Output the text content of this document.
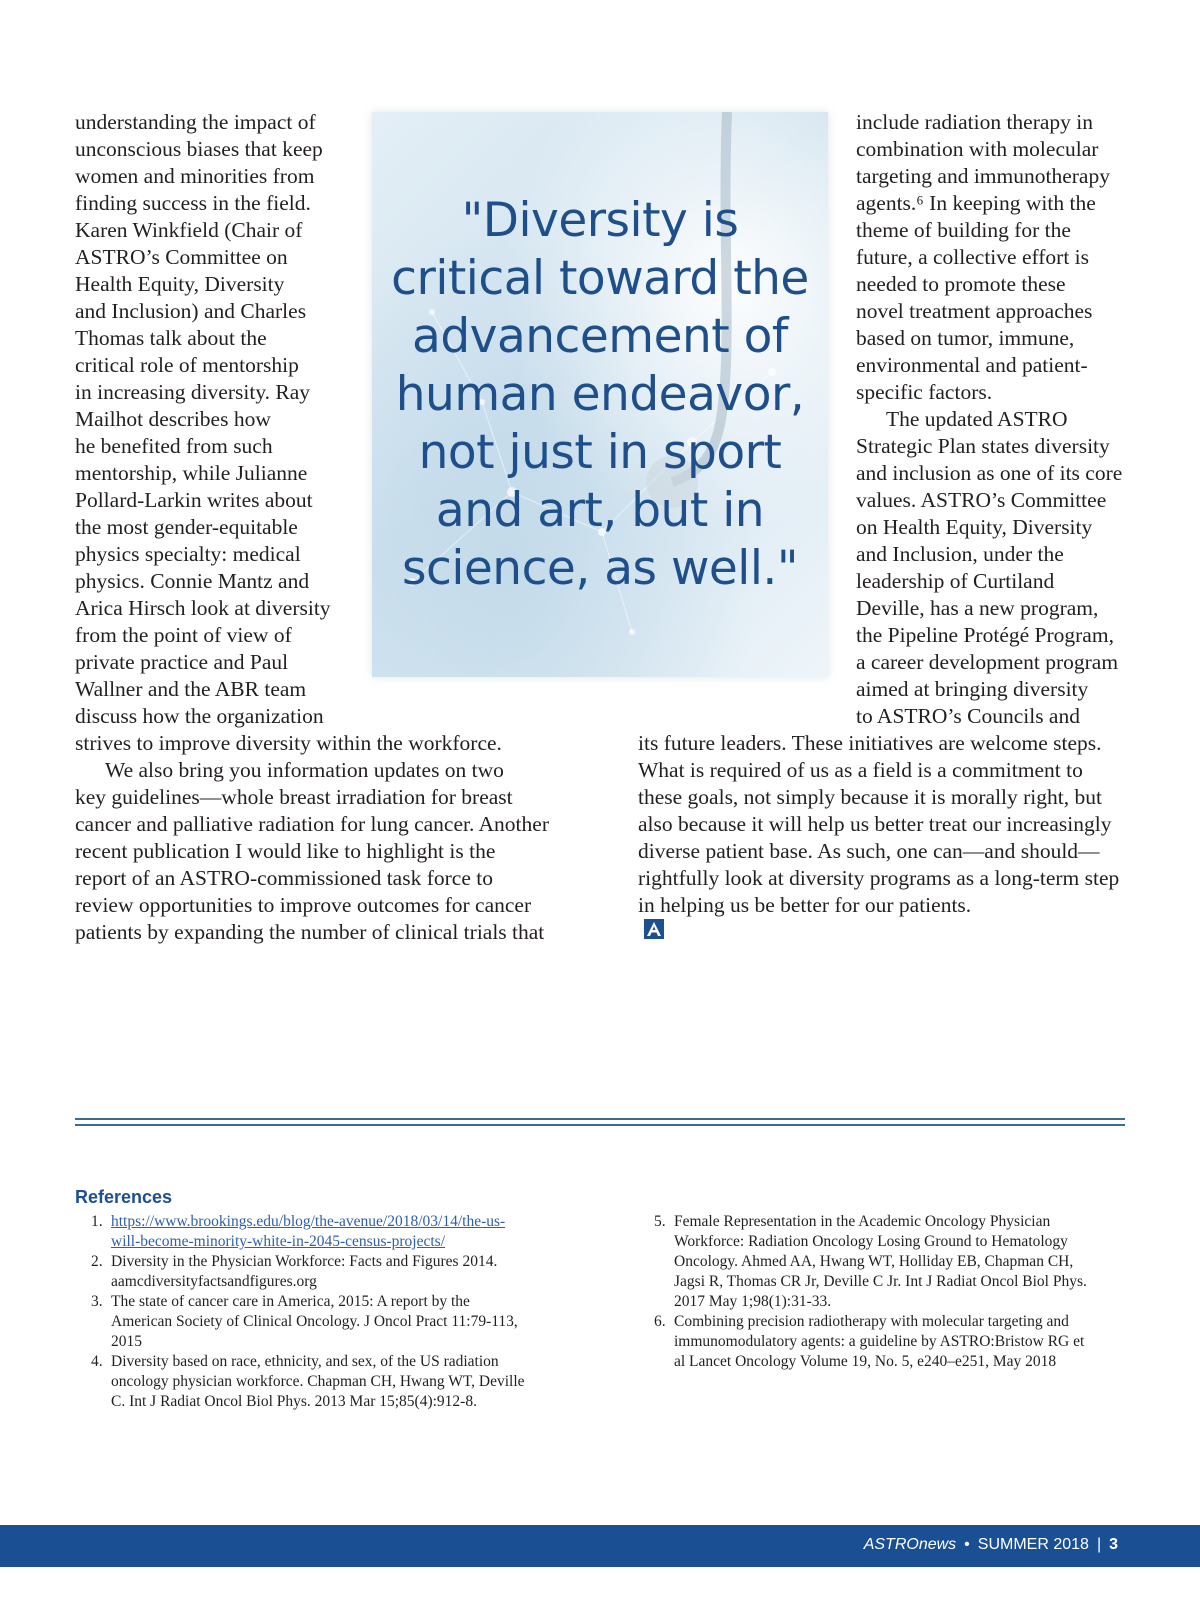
understanding the impact of
unconscious biases that keep
women and minorities from
finding success in the field.
Karen Winkfield (Chair of
ASTRO’s Committee on
Health Equity, Diversity
and Inclusion) and Charles
Thomas talk about the
critical role of mentorship
in increasing diversity. Ray
Mailhot describes how
he benefited from such
mentorship, while Julianne
Pollard-Larkin writes about
the most gender-equitable
physics specialty: medical
physics. Connie Mantz and
Arica Hirsch look at diversity
from the point of view of
private practice and Paul
Wallner and the ABR team
discuss how the organization
strives to improve diversity within the workforce.
We also bring you information updates on two
key guidelines—whole breast irradiation for breast
cancer and palliative radiation for lung cancer. Another
recent publication I would like to highlight is the
report of an ASTRO-commissioned task force to
review opportunities to improve outcomes for cancer
patients by expanding the number of clinical trials that
"Diversity is
critical toward the
advancement of
human endeavor,
not just in sport
and art, but in
science, as well."
include radiation therapy in
combination with molecular
targeting and immunotherapy
agents.⁶ In keeping with the
theme of building for the
future, a collective effort is
needed to promote these
novel treatment approaches
based on tumor, immune,
environmental and patient-
specific factors.
The updated ASTRO
Strategic Plan states diversity
and inclusion as one of its core
values. ASTRO’s Committee
on Health Equity, Diversity
and Inclusion, under the
leadership of Curtiland
Deville, has a new program,
the Pipeline Protégé Program,
a career development program
aimed at bringing diversity
to ASTRO’s Councils and
its future leaders. These initiatives are welcome steps.
What is required of us as a field is a commitment to
these goals, not simply because it is morally right, but
also because it will help us better treat our increasingly
diverse patient base. As such, one can—and should—
rightfully look at diversity programs as a long-term step
in helping us be better for our patients.
References
1. https://www.brookings.edu/blog/the-avenue/2018/03/14/the-us-
will-become-minority-white-in-2045-census-projects/
2. Diversity in the Physician Workforce: Facts and Figures 2014.
aamcdiversityfactsandfigures.org
3. The state of cancer care in America, 2015: A report by the
American Society of Clinical Oncology. J Oncol Pract 11:79-113,
2015
4. Diversity based on race, ethnicity, and sex, of the US radiation
oncology physician workforce. Chapman CH, Hwang WT, Deville
C. Int J Radiat Oncol Biol Phys. 2013 Mar 15;85(4):912-8.
5. Female Representation in the Academic Oncology Physician
Workforce: Radiation Oncology Losing Ground to Hematology
Oncology. Ahmed AA, Hwang WT, Holliday EB, Chapman CH,
Jagsi R, Thomas CR Jr, Deville C Jr. Int J Radiat Oncol Biol Phys.
2017 May 1;98(1):31-33.
6. Combining precision radiotherapy with molecular targeting and
immunomodulatory agents: a guideline by ASTRO:Bristow RG et
al Lancet Oncology Volume 19, No. 5, e240–e251, May 2018
ASTROnews • SUMMER 2018 | 3
